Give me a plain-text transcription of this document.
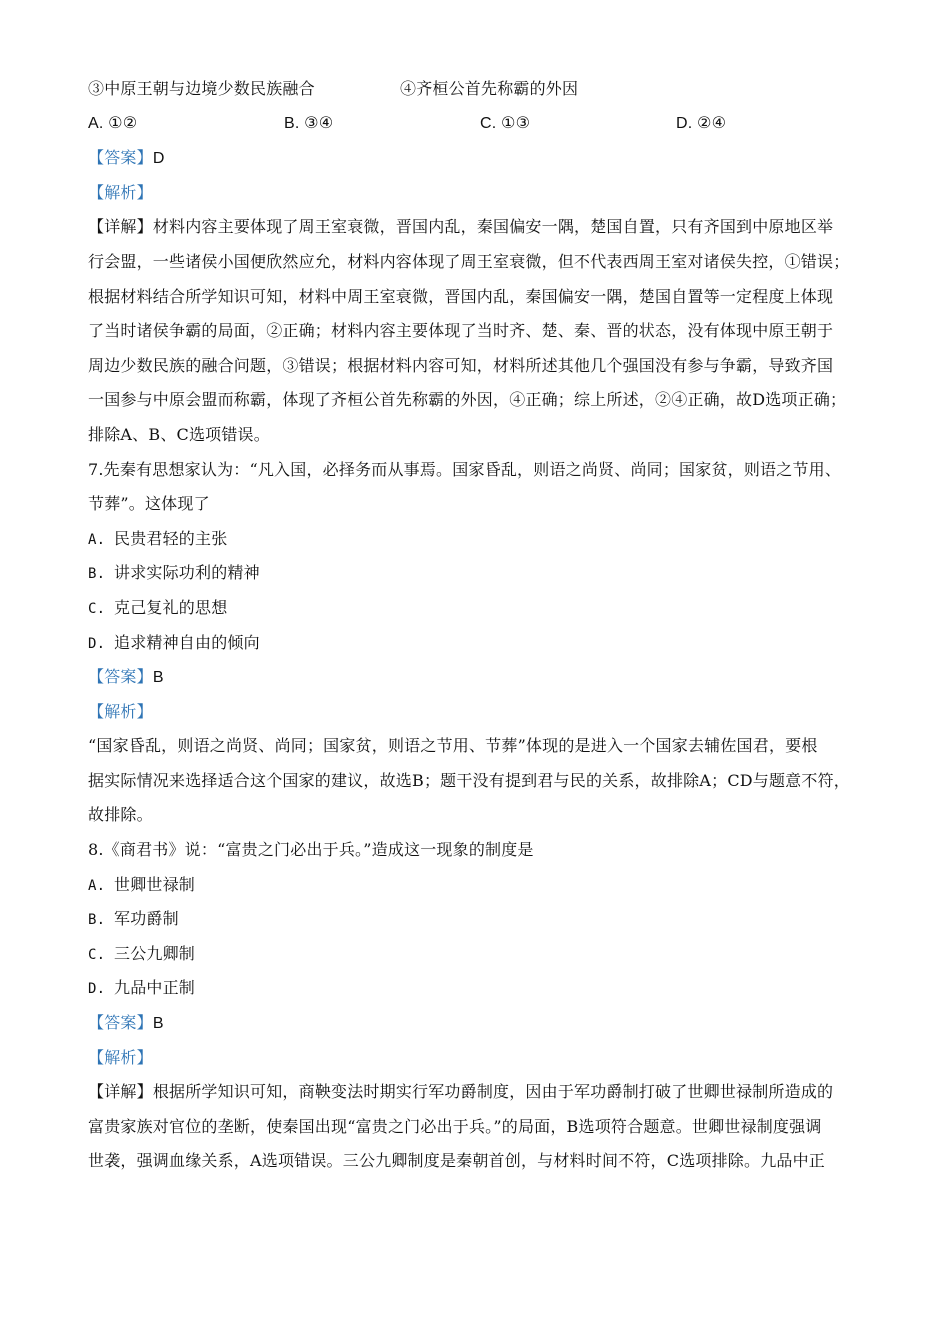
③中原王朝与边境少数民族融合	④齐桓公首先称霸的外因
A. ①②	B. ③④	C. ①③	D. ②④
【答案】D
【解析】
【详解】材料内容主要体现了周王室衰微，晋国内乱，秦国偏安一隅，楚国自置，只有齐国到中原地区举
行会盟，一些诸侯小国便欣然应允，材料内容体现了周王室衰微，但不代表西周王室对诸侯失控，①错误；
根据材料结合所学知识可知，材料中周王室衰微，晋国内乱，秦国偏安一隅，楚国自置等一定程度上体现
了当时诸侯争霸的局面，②正确；材料内容主要体现了当时齐、楚、秦、晋的状态，没有体现中原王朝于
周边少数民族的融合问题，③错误；根据材料内容可知，材料所述其他几个强国没有参与争霸，导致齐国
一国参与中原会盟而称霸，体现了齐桓公首先称霸的外因，④正确；综上所述，②④正确，故D选项正确；
排除A、B、C选项错误。
7.先秦有思想家认为：“凡入国，必择务而从事焉。国家昏乱，则语之尚贤、尚同；国家贫，则语之节用、
节葬”。这体现了
A. 民贵君轻的主张
B. 讲求实际功利的精神
C. 克己复礼的思想
D. 追求精神自由的倾向
【答案】B
【解析】
“国家昏乱，则语之尚贤、尚同；国家贫，则语之节用、节葬”体现的是进入一个国家去辅佐国君，要根
据实际情况来选择适合这个国家的建议，故选B；题干没有提到君与民的关系，故排除A；CD与题意不符，
故排除。
8.《商君书》说：“富贵之门必出于兵。”造成这一现象的制度是
A. 世卿世禄制
B. 军功爵制
C. 三公九卿制
D. 九品中正制
【答案】B
【解析】
【详解】根据所学知识可知，商鞅变法时期实行军功爵制度，因由于军功爵制打破了世卿世禄制所造成的
富贵家族对官位的垄断，使秦国出现“富贵之门必出于兵。”的局面，B选项符合题意。世卿世禄制度强调
世袭，强调血缘关系，A选项错误。三公九卿制度是秦朝首创，与材料时间不符，C选项排除。九品中正
